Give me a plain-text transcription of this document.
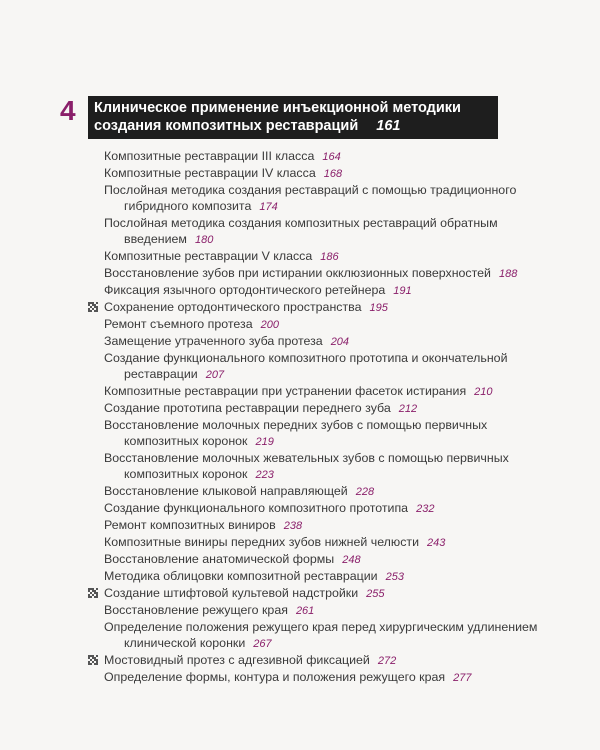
4	Клиническое применение инъекционной методики
создания композитных реставраций 161
Композитные реставрации III класса 164
Композитные реставрации IV класса 168
Послойная методика создания реставраций с помощью традиционного
гибридного композита 174
Послойная методика создания композитных реставраций обратным
введением 180
Композитные реставрации V класса 186
Восстановление зубов при истирании окклюзионных поверхностей 188
Фиксация язычного ортодонтического ретейнера 191
Сохранение ортодонтического пространства 195
Ремонт съемного протеза 200
Замещение утраченного зуба протеза 204
Создание функционального композитного прототипа и окончательной
реставрации 207
Композитные реставрации при устранении фасеток истирания 210
Создание прототипа реставрации переднего зуба 212
Восстановление молочных передних зубов с помощью первичных
композитных коронок 219
Восстановление молочных жевательных зубов с помощью первичных
композитных коронок 223
Восстановление клыковой направляющей 228
Создание функционального композитного прототипа 232
Ремонт композитных виниров 238
Композитные виниры передних зубов нижней челюсти 243
Восстановление анатомической формы 248
Методика облицовки композитной реставрации 253
Создание штифтовой культевой надстройки 255
Восстановление режущего края 261
Определение положения режущего края перед хирургическим удлинением
клинической коронки 267
Мостовидный протез с адгезивной фиксацией 272
Определение формы, контура и положения режущего края 277
